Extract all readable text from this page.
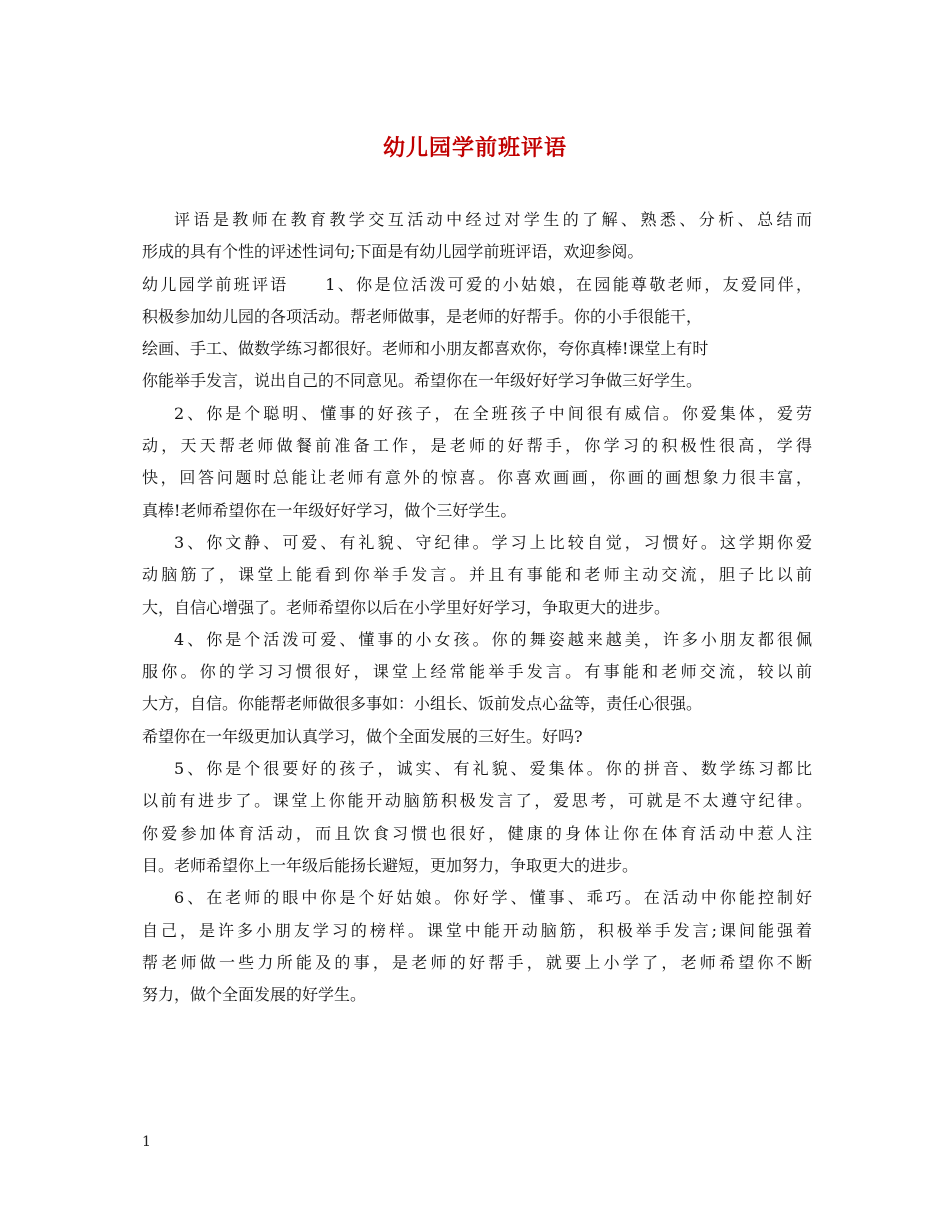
幼儿园学前班评语
评语是教师在教育教学交互活动中经过对学生的了解、熟悉、分析、总结而
形成的具有个性的评述性词句;下面是有幼儿园学前班评语，欢迎参阅。
幼儿园学前班评语　　1、你是位活泼可爱的小姑娘，在园能尊敬老师，友爱同伴，
积极参加幼儿园的各项活动。帮老师做事，是老师的好帮手。你的小手很能干，
绘画、手工、做数学练习都很好。老师和小朋友都喜欢你，夸你真棒!课堂上有时
你能举手发言，说出自己的不同意见。希望你在一年级好好学习争做三好学生。
2、你是个聪明、懂事的好孩子，在全班孩子中间很有威信。你爱集体，爱劳
动，天天帮老师做餐前准备工作，是老师的好帮手，你学习的积极性很高，学得
快，回答问题时总能让老师有意外的惊喜。你喜欢画画，你画的画想象力很丰富，
真棒!老师希望你在一年级好好学习，做个三好学生。
3、你文静、可爱、有礼貌、守纪律。学习上比较自觉，习惯好。这学期你爱
动脑筋了，课堂上能看到你举手发言。并且有事能和老师主动交流，胆子比以前
大，自信心增强了。老师希望你以后在小学里好好学习，争取更大的进步。
4、你是个活泼可爱、懂事的小女孩。你的舞姿越来越美，许多小朋友都很佩
服你。你的学习习惯很好，课堂上经常能举手发言。有事能和老师交流，较以前
大方，自信。你能帮老师做很多事如：小组长、饭前发点心盆等，责任心很强。
希望你在一年级更加认真学习，做个全面发展的三好生。好吗?
5、你是个很要好的孩子，诚实、有礼貌、爱集体。你的拼音、数学练习都比
以前有进步了。课堂上你能开动脑筋积极发言了，爱思考，可就是不太遵守纪律。
你爱参加体育活动，而且饮食习惯也很好，健康的身体让你在体育活动中惹人注
目。老师希望你上一年级后能扬长避短，更加努力，争取更大的进步。
6、在老师的眼中你是个好姑娘。你好学、懂事、乖巧。在活动中你能控制好
自己，是许多小朋友学习的榜样。课堂中能开动脑筋，积极举手发言;课间能强着
帮老师做一些力所能及的事，是老师的好帮手，就要上小学了，老师希望你不断
努力，做个全面发展的好学生。
1
